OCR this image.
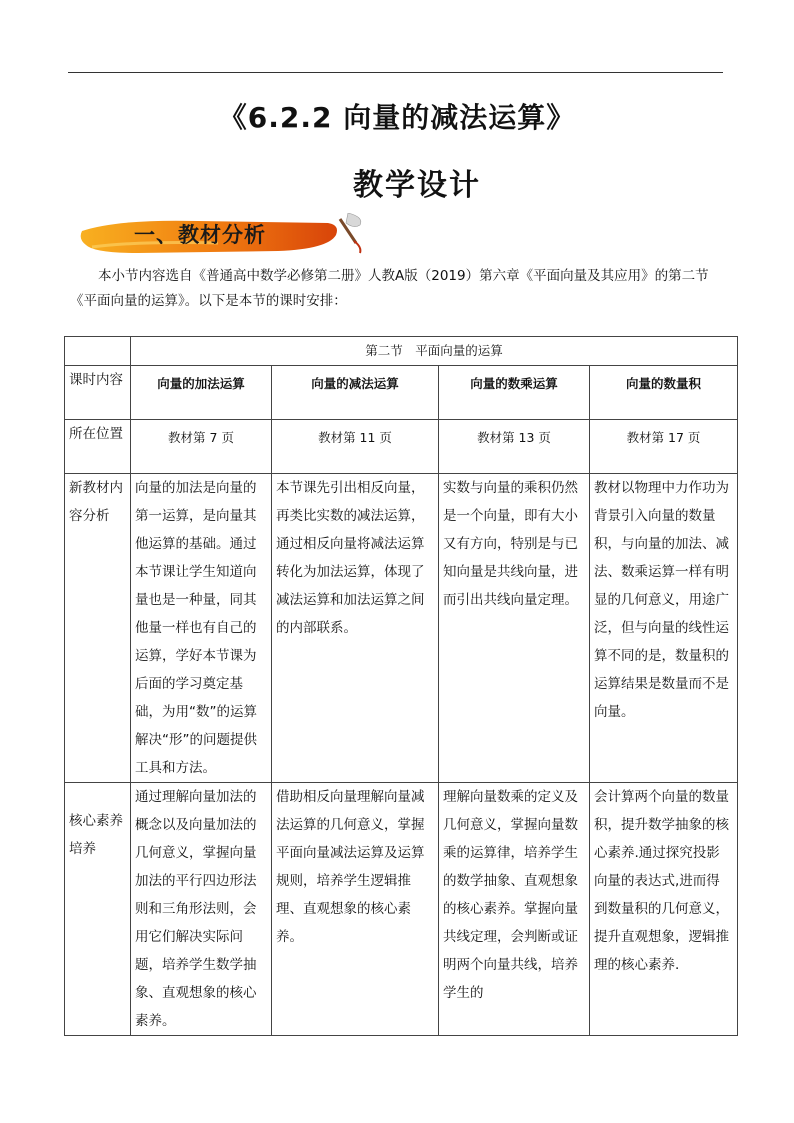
《6.2.2 向量的减法运算》
教学设计
一、教材分析
本小节内容选自《普通高中数学必修第二册》人教A版（2019）第六章《平面向量及其应用》的第二节《平面向量的运算》。以下是本节的课时安排：
	第二节　平面向量的运算			
课时内容	向量的加法运算	向量的减法运算	向量的数乘运算	向量的数量积
所在位置	教材第 7 页	教材第 11 页	教材第 13 页	教材第 17 页
新教材内容分析	向量的加法是向量的第一运算，是向量其他运算的基础。通过本节课让学生知道向量也是一种量，同其他量一样也有自己的运算，学好本节课为后面的学习奠定基础，为用“数”的运算解决“形”的问题提供工具和方法。	本节课先引出相反向量，再类比实数的减法运算，通过相反向量将减法运算转化为加法运算，体现了减法运算和加法运算之间的内部联系。	实数与向量的乘积仍然是一个向量，即有大小又有方向，特别是与已知向量是共线向量，进而引出共线向量定理。	教材以物理中力作功为背景引入向量的数量积，与向量的加法、减法、数乘运算一样有明显的几何意义，用途广泛，但与向量的线性运算不同的是，数量积的运算结果是数量而不是向量。
核心素养培养	通过理解向量加法的概念以及向量加法的几何意义，掌握向量加法的平行四边形法则和三角形法则，会用它们解决实际问题，培养学生数学抽象、直观想象的核心素养。	借助相反向量理解向量减法运算的几何意义，掌握平面向量减法运算及运算规则，培养学生逻辑推理、直观想象的核心素养。	理解向量数乘的定义及几何意义，掌握向量数乘的运算律，培养学生的数学抽象、直观想象的核心素养。掌握向量共线定理，会判断或证明两个向量共线，培养学生的	会计算两个向量的数量积，提升数学抽象的核心素养.通过探究投影向量的表达式,进而得到数量积的几何意义，提升直观想象，逻辑推理的核心素养.
